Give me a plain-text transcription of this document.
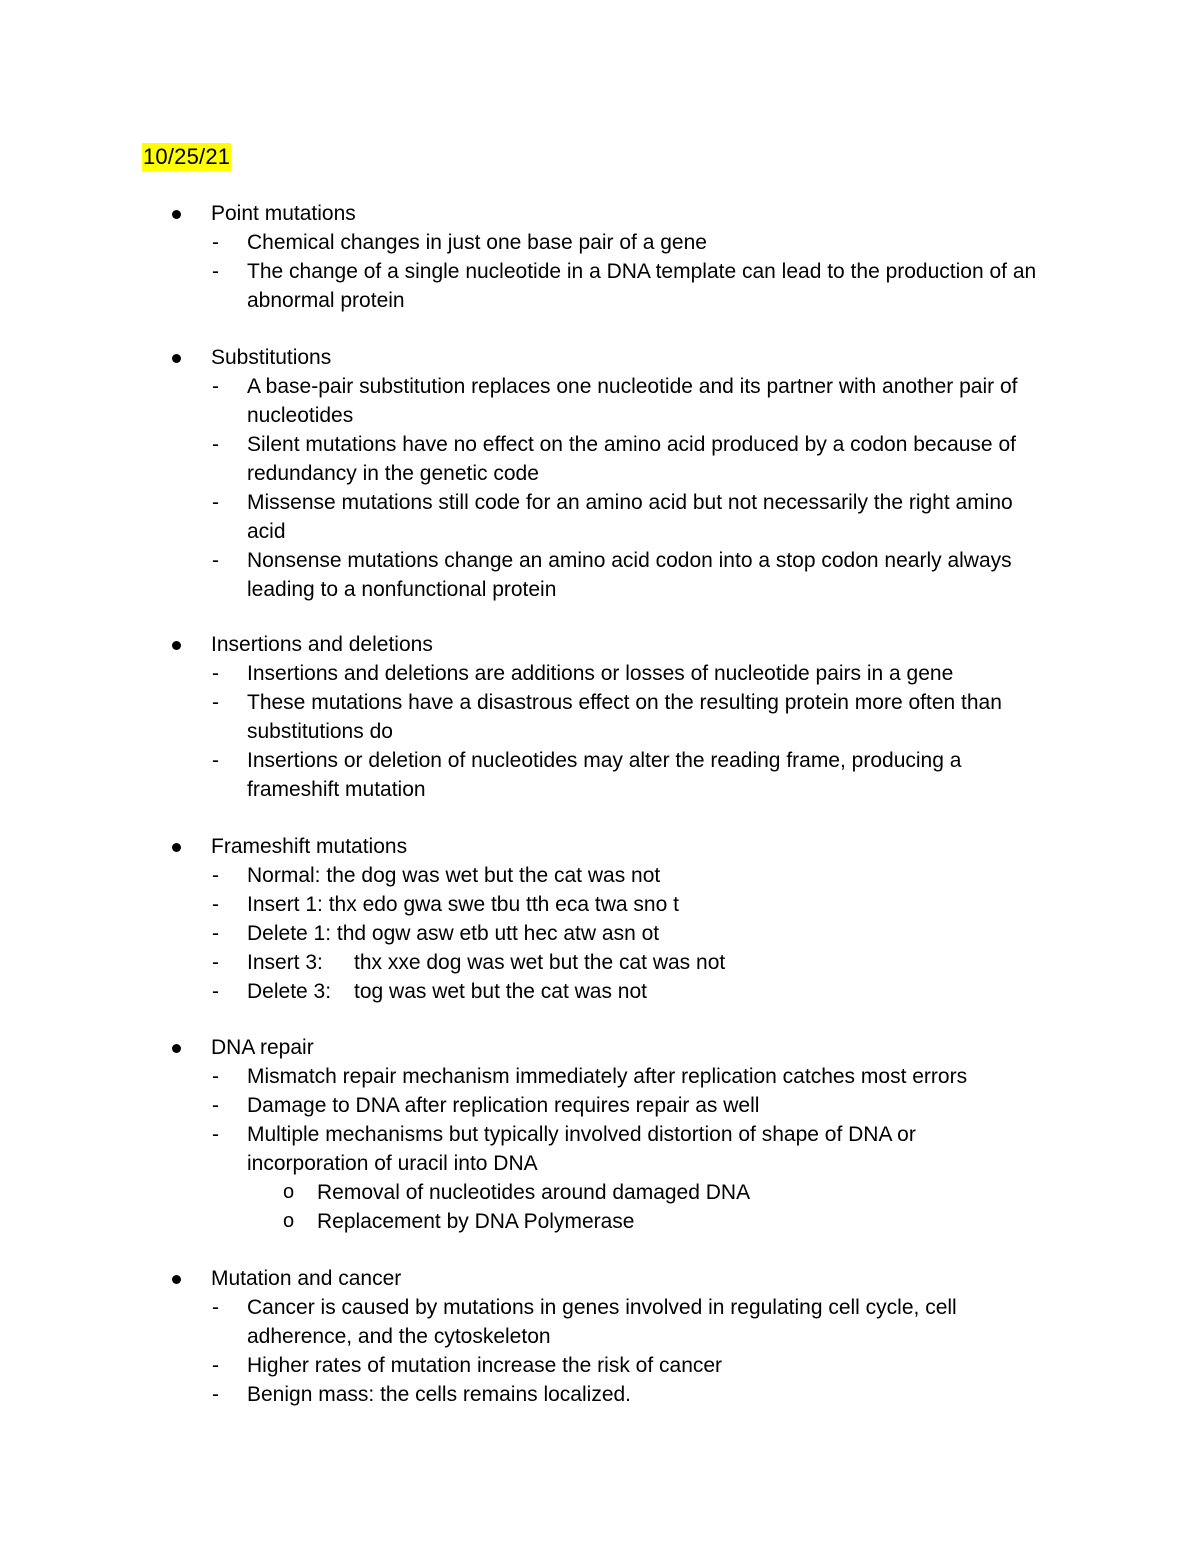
10/25/21
Point mutations
- Chemical changes in just one base pair of a gene
- The change of a single nucleotide in a DNA template can lead to the production of an
abnormal protein
Substitutions
- A base-pair substitution replaces one nucleotide and its partner with another pair of
nucleotides
- Silent mutations have no effect on the amino acid produced by a codon because of
redundancy in the genetic code
- Missense mutations still code for an amino acid but not necessarily the right amino
acid
- Nonsense mutations change an amino acid codon into a stop codon nearly always
leading to a nonfunctional protein
Insertions and deletions
- Insertions and deletions are additions or losses of nucleotide pairs in a gene
- These mutations have a disastrous effect on the resulting protein more often than
substitutions do
- Insertions or deletion of nucleotides may alter the reading frame, producing a
frameshift mutation
Frameshift mutations
- Normal: the dog was wet but the cat was not
- Insert 1: thx edo gwa swe tbu tth eca twa sno t
- Delete 1: thd ogw asw etb utt hec atw asn ot
- Insert 3: thx xxe dog was wet but the cat was not
- Delete 3: tog was wet but the cat was not
DNA repair
- Mismatch repair mechanism immediately after replication catches most errors
- Damage to DNA after replication requires repair as well
- Multiple mechanisms but typically involved distortion of shape of DNA or
incorporation of uracil into DNA
o Removal of nucleotides around damaged DNA
o Replacement by DNA Polymerase
Mutation and cancer
- Cancer is caused by mutations in genes involved in regulating cell cycle, cell
adherence, and the cytoskeleton
- Higher rates of mutation increase the risk of cancer
- Benign mass: the cells remains localized.
